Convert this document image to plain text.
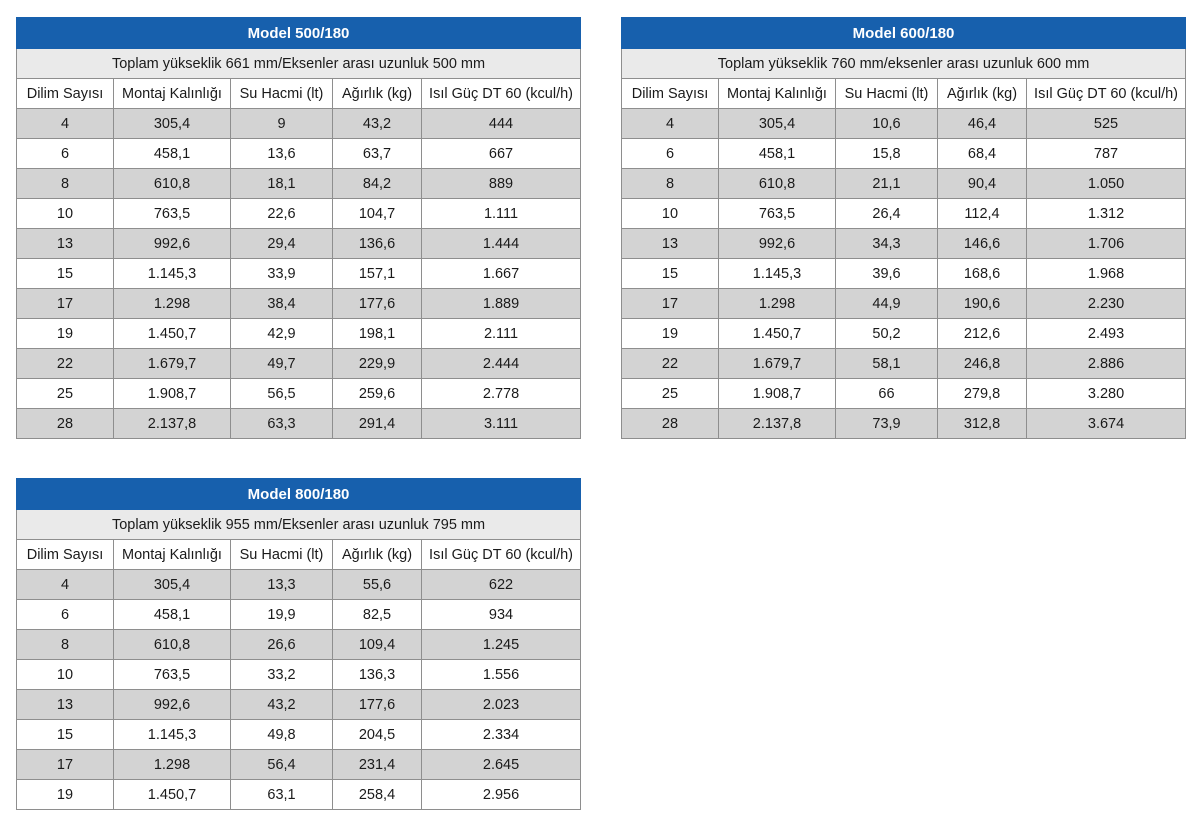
Model 500/180				
Toplam yükseklik 661 mm/Eksenler arası uzunluk 500 mm				
Dilim Sayısı	Montaj Kalınlığı	Su Hacmi (lt)	Ağırlık (kg)	Isıl Güç DT 60 (kcul/h)
4	305,4	9	43,2	444
6	458,1	13,6	63,7	667
8	610,8	18,1	84,2	889
10	763,5	22,6	104,7	1.111
13	992,6	29,4	136,6	1.444
15	1.145,3	33,9	157,1	1.667
17	1.298	38,4	177,6	1.889
19	1.450,7	42,9	198,1	2.111
22	1.679,7	49,7	229,9	2.444
25	1.908,7	56,5	259,6	2.778
28	2.137,8	63,3	291,4	3.111
Model 600/180				
Toplam yükseklik 760 mm/eksenler arası uzunluk 600 mm				
Dilim Sayısı	Montaj Kalınlığı	Su Hacmi (lt)	Ağırlık (kg)	Isıl Güç DT 60 (kcul/h)
4	305,4	10,6	46,4	525
6	458,1	15,8	68,4	787
8	610,8	21,1	90,4	1.050
10	763,5	26,4	112,4	1.312
13	992,6	34,3	146,6	1.706
15	1.145,3	39,6	168,6	1.968
17	1.298	44,9	190,6	2.230
19	1.450,7	50,2	212,6	2.493
22	1.679,7	58,1	246,8	2.886
25	1.908,7	66	279,8	3.280
28	2.137,8	73,9	312,8	3.674
Model 800/180				
Toplam yükseklik 955 mm/Eksenler arası uzunluk 795 mm				
Dilim Sayısı	Montaj Kalınlığı	Su Hacmi (lt)	Ağırlık (kg)	Isıl Güç DT 60 (kcul/h)
4	305,4	13,3	55,6	622
6	458,1	19,9	82,5	934
8	610,8	26,6	109,4	1.245
10	763,5	33,2	136,3	1.556
13	992,6	43,2	177,6	2.023
15	1.145,3	49,8	204,5	2.334
17	1.298	56,4	231,4	2.645
19	1.450,7	63,1	258,4	2.956
